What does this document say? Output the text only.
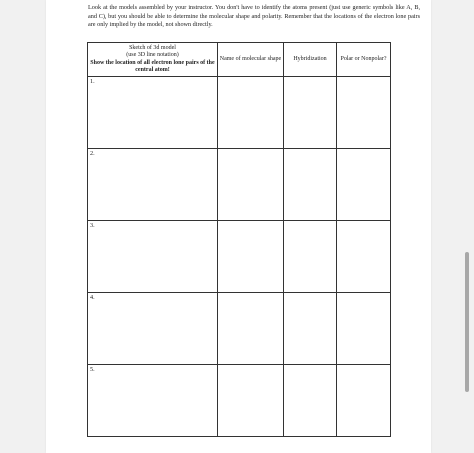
Look at the models assembled by your instructor. You don't have to identify the atoms present (just use generic symbols like A, B, and C), but you should be able to determine the molecular shape and polarity. Remember that the locations of the electron lone pairs are only implied by the model, not shown directly.

Sketch of 3d model
(use 3D line notation)
Show the location of all electron lone pairs of the central atom!	Name of molecular shape	Hybridization	Polar or Nonpolar?
1.			
2.			
3.			
4.			
5.			
